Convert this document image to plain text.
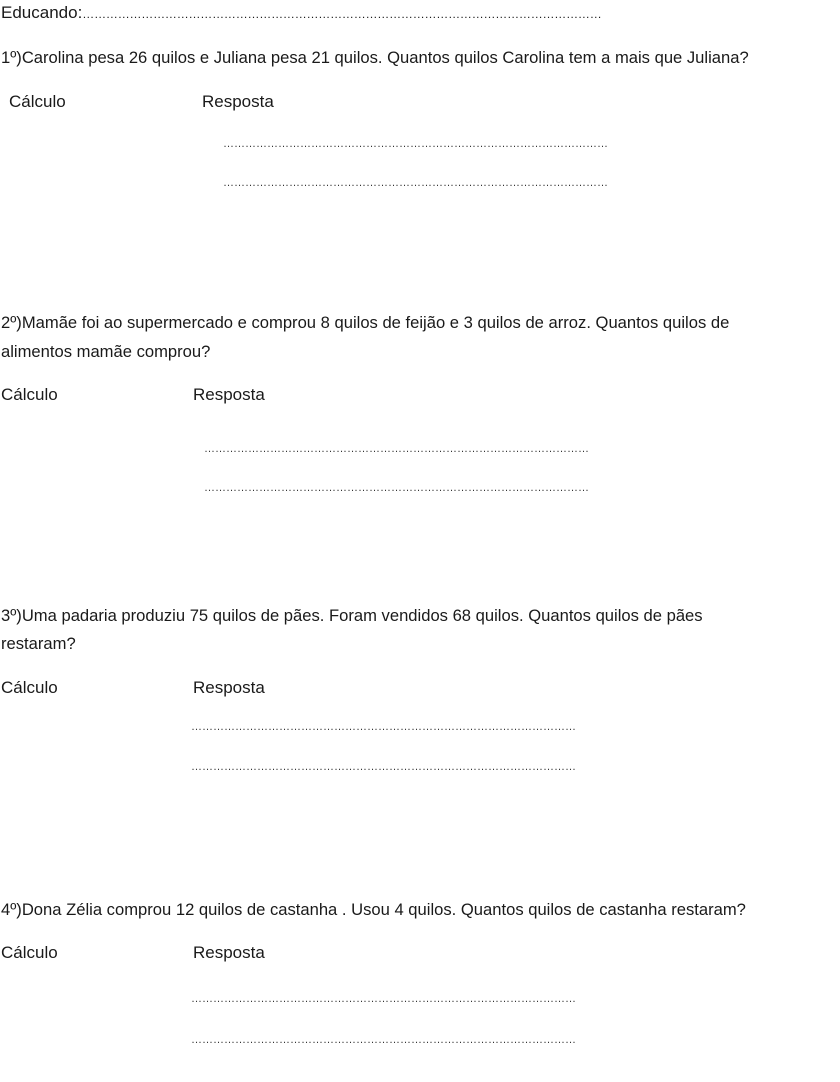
Educando:……………………………………………………………………………………………………………………
1º)Carolina pesa 26 quilos e Juliana pesa 21 quilos. Quantos quilos Carolina tem a mais que Juliana?
Cálculo	Resposta
……………………………………………………………………………………………
……………………………………………………………………………………………
2º)Mamãe foi ao supermercado e comprou 8 quilos de feijão e 3 quilos de arroz. Quantos quilos de
alimentos mamãe comprou?
Cálculo	Resposta
……………………………………………………………………………………………
……………………………………………………………………………………………
3º)Uma padaria produziu 75 quilos de pães. Foram vendidos 68 quilos. Quantos quilos de pães
restaram?
Cálculo	Resposta
……………………………………………………………………………………………
……………………………………………………………………………………………
4º)Dona Zélia comprou 12 quilos de castanha . Usou 4 quilos. Quantos quilos de castanha restaram?
Cálculo	Resposta
……………………………………………………………………………………………
……………………………………………………………………………………………
